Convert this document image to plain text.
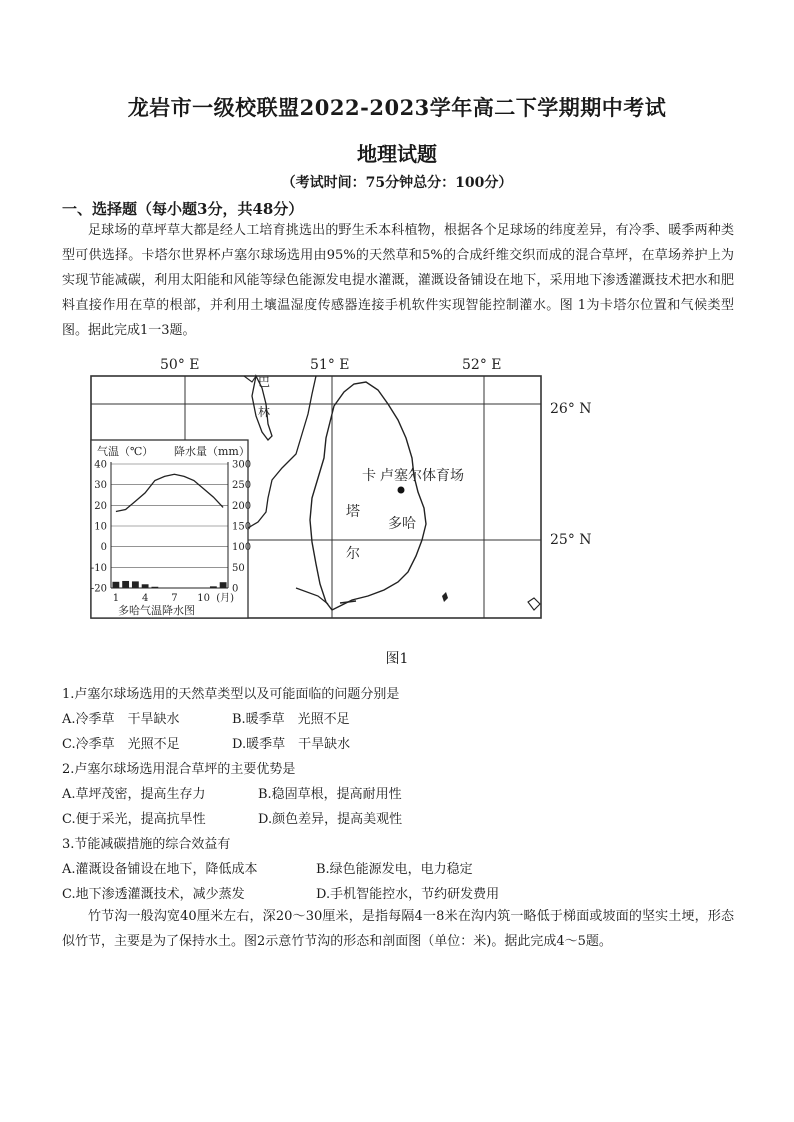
龙岩市一级校联盟2022-2023学年高二下学期期中考试
地理试题
（考试时间：75分钟总分：100分）
一、选择题（每小题3分，共48分）

足球场的草坪草大都是经人工培育挑选出的野生禾本科植物，根据各个足球场的纬度差异，有冷季、暖季两种类型可供选择。卡塔尔世界杯卢塞尔球场选用由95%的天然草和5%的合成纤维交织而成的混合草坪，在草场养护上为实现节能减碳，利用太阳能和风能等绿色能源发电提水灌溉，灌溉设备铺设在地下，采用地下渗透灌溉技术把水和肥料直接作用在草的根部，并利用土壤温湿度传感器连接手机软件实现智能控制灌水。图 1为卡塔尔位置和气候类型图。据此完成1一3题。

50° E	51° E	52° E
26° N
25° N
巴
林
卡
塔
尔
卢塞尔体育场
多哈
气温（℃） 降水量（mm）
40
30
20
10
0
-10
-20
300
250
200
150
100
50
0
1 4 7 10 (月)
多哈气温降水图
图1
1.卢塞尔球场选用的天然草类型以及可能面临的问题分别是
A.冷季草　干旱缺水	B.暖季草　光照不足
C.冷季草　光照不足	D.暖季草　干旱缺水
2.卢塞尔球场选用混合草坪的主要优势是
A.草坪茂密，提高生存力	B.稳固草根，提高耐用性
C.便于采光，提高抗旱性	D.颜色差异，提高美观性
3.节能减碳措施的综合效益有
A.灌溉设备铺设在地下，降低成本	B.绿色能源发电，电力稳定
C.地下渗透灌溉技术，减少蒸发	D.手机智能控水，节约研发费用

竹节沟一般沟宽40厘米左右，深20～30厘米，是指每隔4一8米在沟内筑一略低于梯面或坡面的坚实土埂，形态似竹节，主要是为了保持水土。图2示意竹节沟的形态和剖面图（单位：米)。据此完成4～5题。
